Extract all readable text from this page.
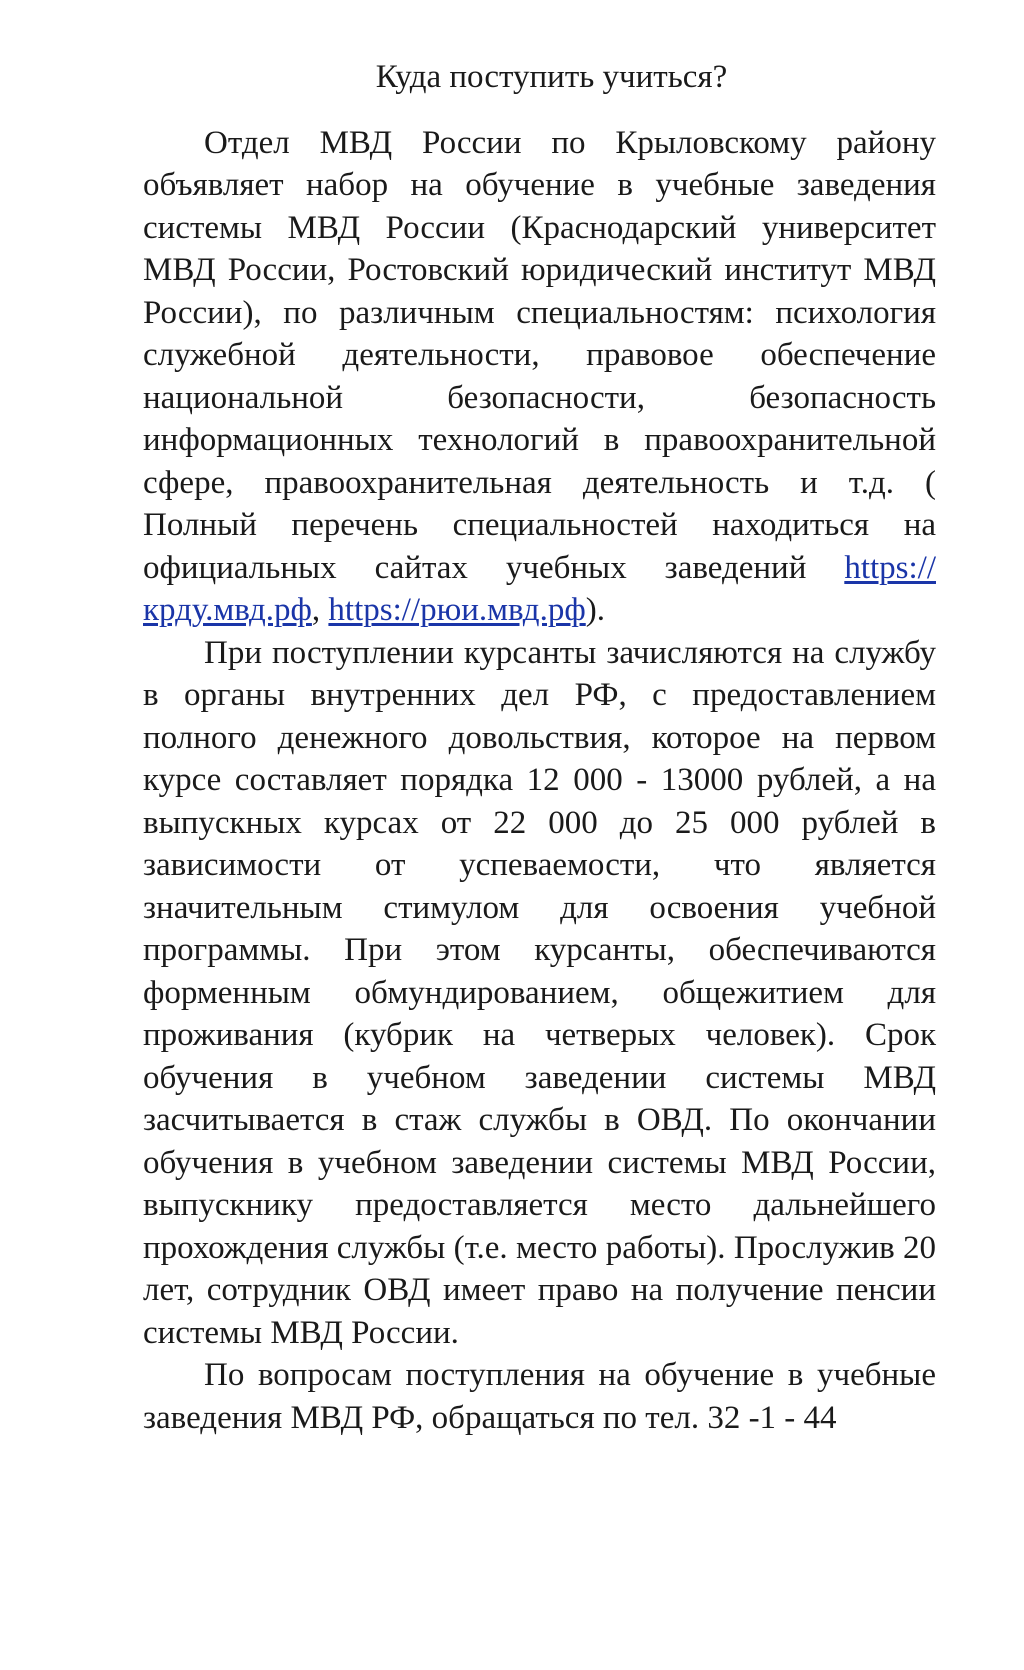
Куда поступить учиться?

Отдел МВД России по Крыловскому району объявляет набор на обучение в учебные заведения системы МВД России (Краснодарский университет МВД России, Ростовский юридический институт МВД России), по различным специальностям: психология служебной деятельности, правовое обеспечение национальной безопасности, безопасность информационных технологий в правоохранительной сфере, правоохранительная деятельность и т.д. ( Полный перечень специальностей находиться на официальных сайтах учебных заведений https://крду.мвд.рф, https://рюи.мвд.рф).

При поступлении курсанты зачисляются на службу в органы внутренних дел РФ, с предоставлением полного денежного довольствия, которое на первом курсе составляет порядка 12 000 - 13000 рублей, а на выпускных курсах от 22 000 до 25 000 рублей в зависимости от успеваемости, что является значительным стимулом для освоения учебной программы. При этом курсанты, обеспечиваются форменным обмундированием, общежитием для проживания (кубрик на четверых человек). Срок обучения в учебном заведении системы МВД засчитывается в стаж службы в ОВД. По окончании обучения в учебном заведении системы МВД России, выпускнику предоставляется место дальнейшего прохождения службы (т.е. место работы). Прослужив 20 лет, сотрудник ОВД имеет право на получение пенсии системы МВД России.

По вопросам поступления на обучение в учебные заведения МВД РФ, обращаться по тел. 32 -1 - 44
